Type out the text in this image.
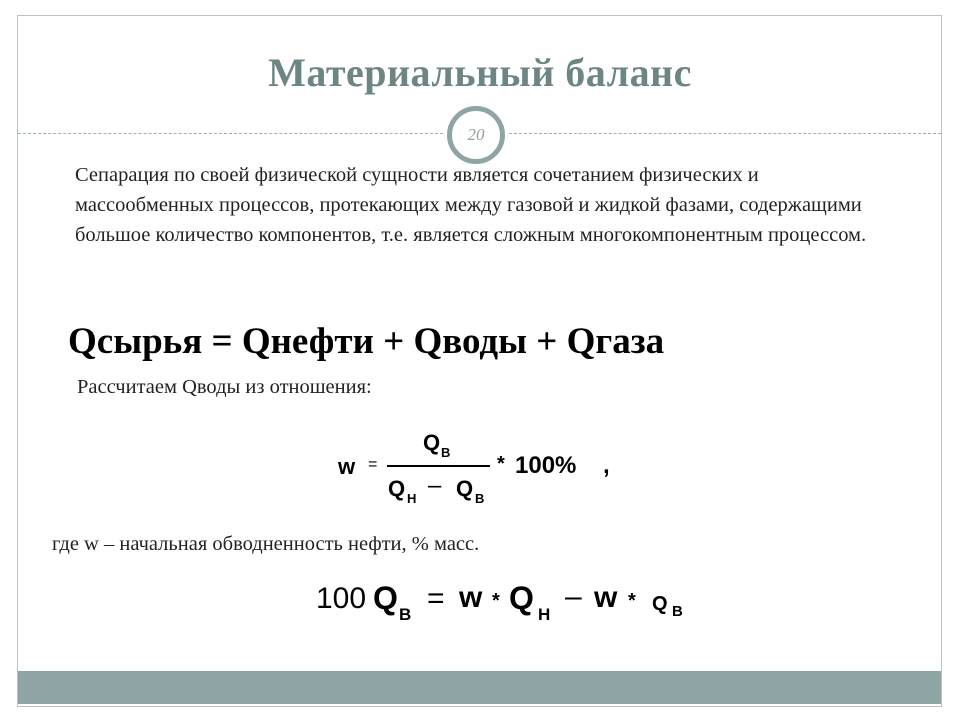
Материальный баланс
20
Сепарация по своей физической сущности является сочетанием физических и массообменных процессов, протекающих между газовой и жидкой фазами, содержащими большое количество компонентов, т.е. является сложным многокомпонентным процессом.
Qсырья = Qнефти + Qводы + Qгаза
Рассчитаем Qводы из отношения:
w =
Q В
Q Н – Q В
* 100% ,
где w – начальная обводненность нефти, % масс.
100 Q В = w * Q Н
– w * Q В
